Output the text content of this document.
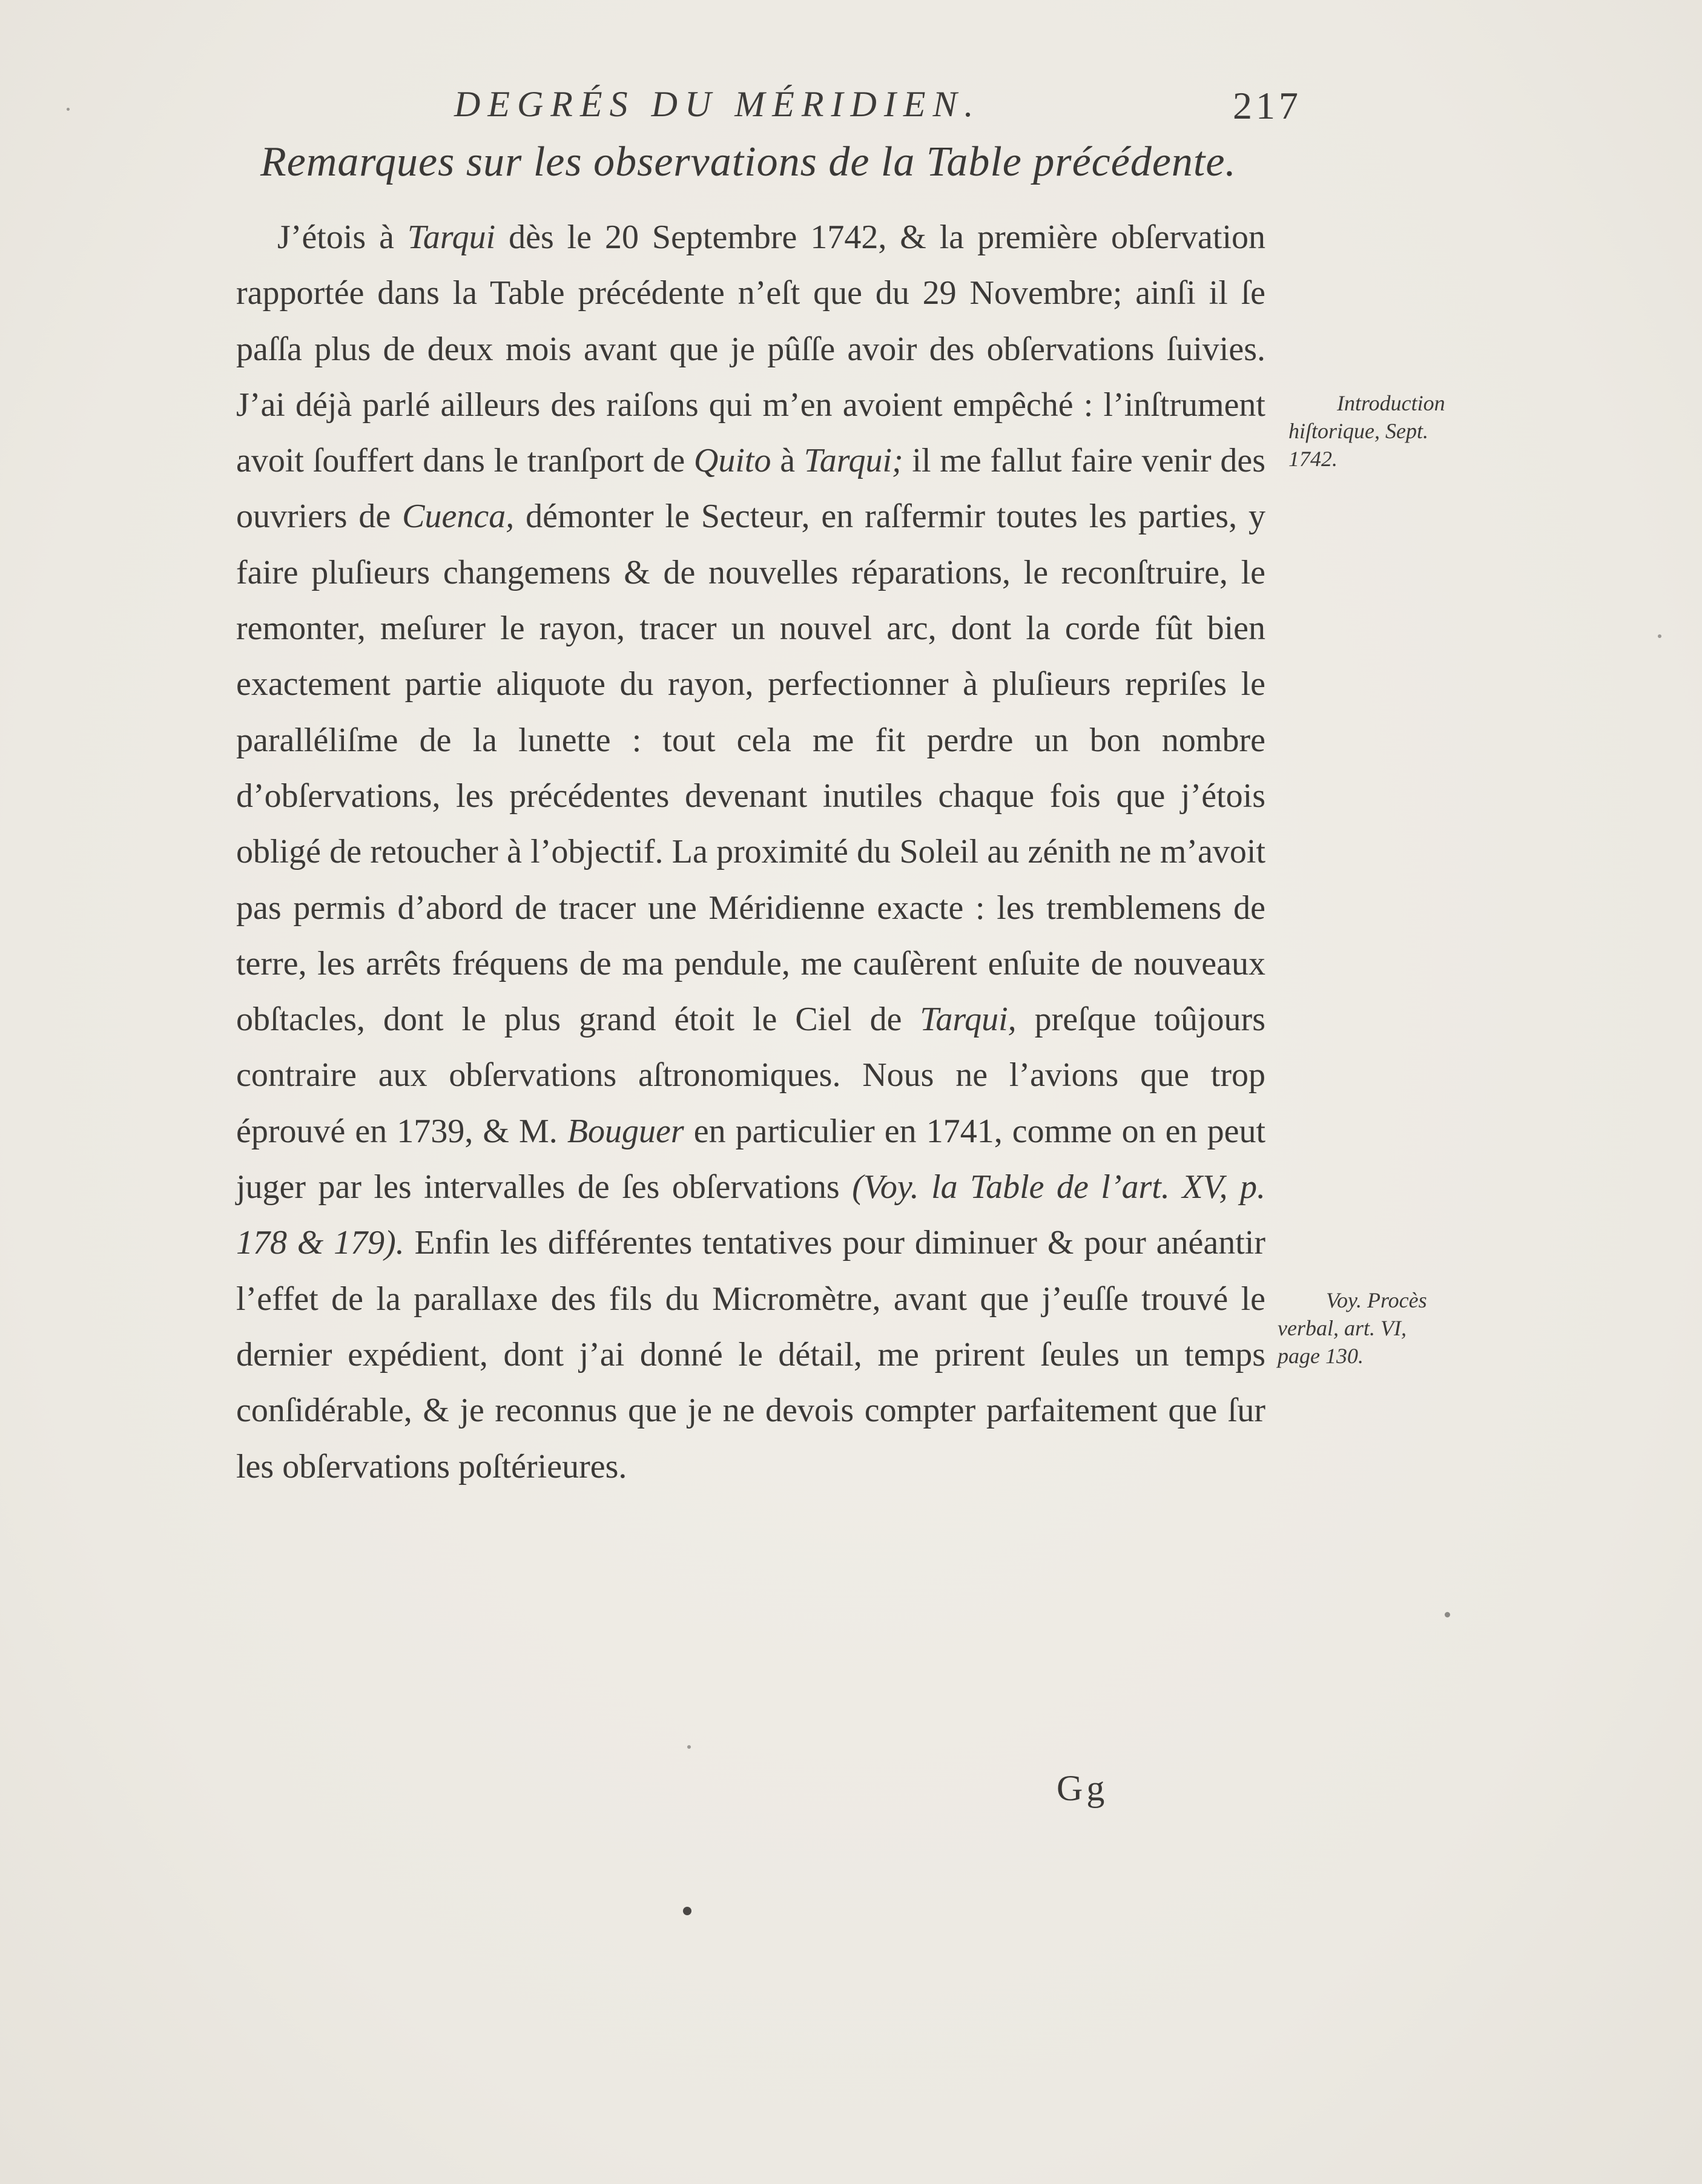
DEGRÉS DU MÉRIDIEN.	217
Remarques sur les observations de la Table précédente.

J’étois à Tarqui dès le 20 Septembre 1742, & la première obſervation rapportée dans la Table précédente n’eſt que du 29 Novembre; ainſi il ſe paſſa plus de deux mois avant que je pûſſe avoir des obſervations ſuivies. J’ai déjà parlé ailleurs des raiſons qui m’en avoient empêché : l’inſtrument avoit ſouffert dans le tranſport de Quito à Tarqui; il me fallut faire venir des ouvriers de Cuenca, démonter le Secteur, en raſfermir toutes les parties, y faire pluſieurs changemens & de nouvelles réparations, le reconſtruire, le remonter, meſurer le rayon, tracer un nouvel arc, dont la corde fût bien exactement partie aliquote du rayon, perfectionner à pluſieurs repriſes le paralléliſme de la lunette : tout cela me fit perdre un bon nombre d’obſervations, les précédentes devenant inutiles chaque fois que j’étois obligé de retoucher à l’objectif. La proximité du Soleil au zénith ne m’avoit pas permis d’abord de tracer une Méridienne exacte : les tremblemens de terre, les arrêts fréquens de ma pendule, me cauſèrent enſuite de nouveaux obſtacles, dont le plus grand étoit le Ciel de Tarqui, preſque toûjours contraire aux obſervations aſtronomiques. Nous ne l’avions que trop éprouvé en 1739, & M. Bouguer en particulier en 1741, comme on en peut juger par les intervalles de ſes obſervations (Voy. la Table de l’art. XV, p. 178 & 179). Enfin les différentes tentatives pour diminuer & pour anéantir l’effet de la parallaxe des fils du Micromètre, avant que j’euſſe trouvé le dernier expédient, dont j’ai donné le détail, me prirent ſeules un temps conſidérable, & je reconnus que je ne devois compter parfaitement que ſur les obſervations poſtérieures.

Introduction
hiſtorique, Sept.
1742.
Voy. Procès
verbal, art. VI,
page 130.
Gg
